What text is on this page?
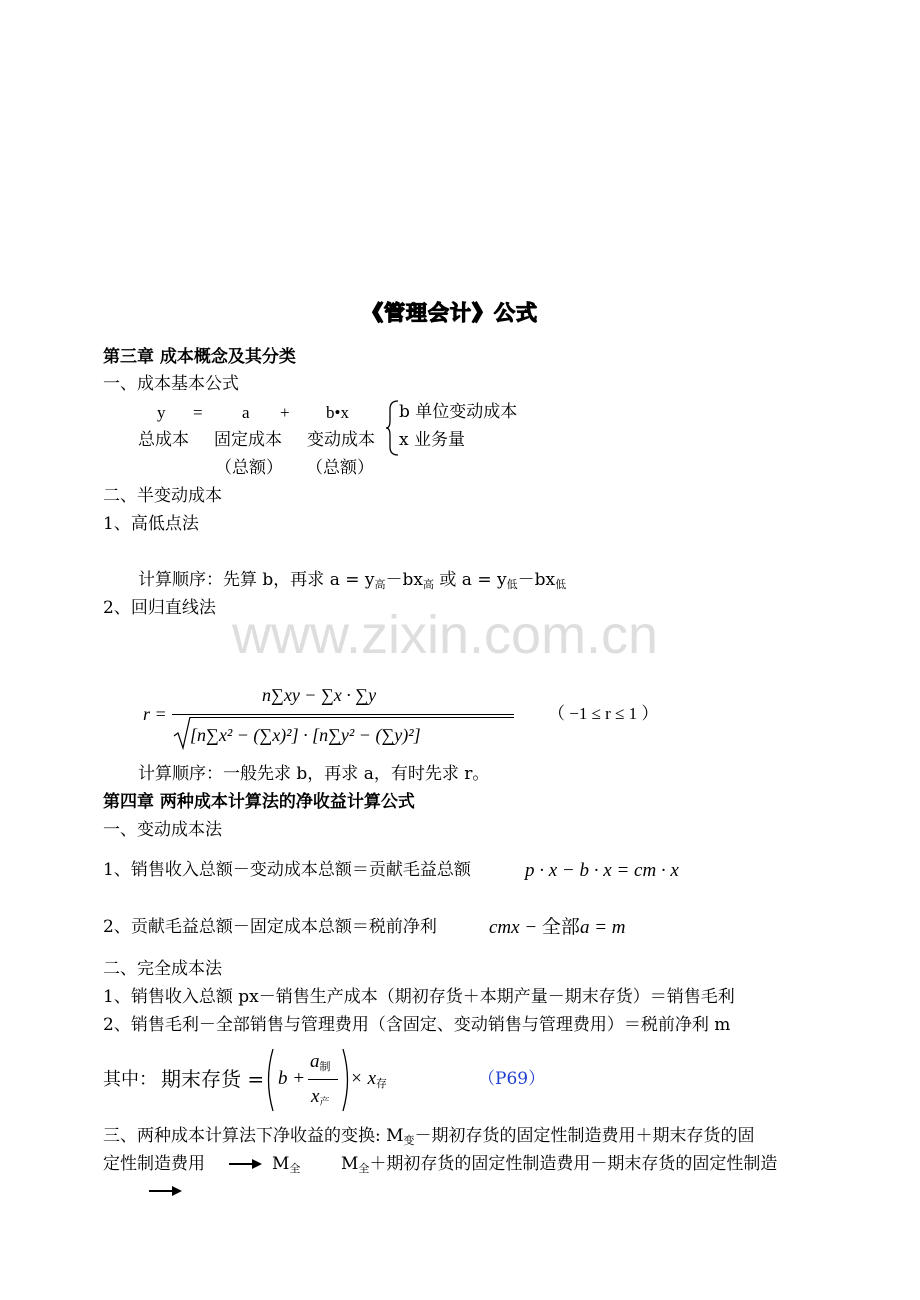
《管理会计》公式
第三章 成本概念及其分类
一、成本基本公式
y = a + b•x
总成本 固定成本 变动成本
（总额） （总额）
b 单位变动成本
x 业务量
二、半变动成本
1、高低点法
计算顺序：先算 b，再求 a = y高－bx高 或 a = y低－bx低
2、回归直线法 www.zixin.com.cn
r =
n∑xy − ∑x · ∑y
[n∑x² − (∑x)²] · [n∑y² − (∑y)²]
（ −1 ≤ r ≤ 1 ）
计算顺序：一般先求 b，再求 a，有时先求 r。
第四章 两种成本计算法的净收益计算公式
一、变动成本法
1、销售收入总额－变动成本总额＝贡献毛益总额	p · x − b · x = cm · x
2、贡献毛益总额－固定成本总额＝税前净利	cmx − 全部a = m
二、完全成本法
1、销售收入总额 px－销售生产成本（期初存货＋本期产量－期末存货）＝销售毛利
2、销售毛利－全部销售与管理费用（含固定、变动销售与管理费用）＝税前净利 m
其中： 期末存货 = b +
a制
x产
× x存	（P69）
三、两种成本计算法下净收益的变换: M变－期初存货的固定性制造费用＋期末存货的固
定性制造费用	M全 M全＋期初存货的固定性制造费用－期末存货的固定性制造
